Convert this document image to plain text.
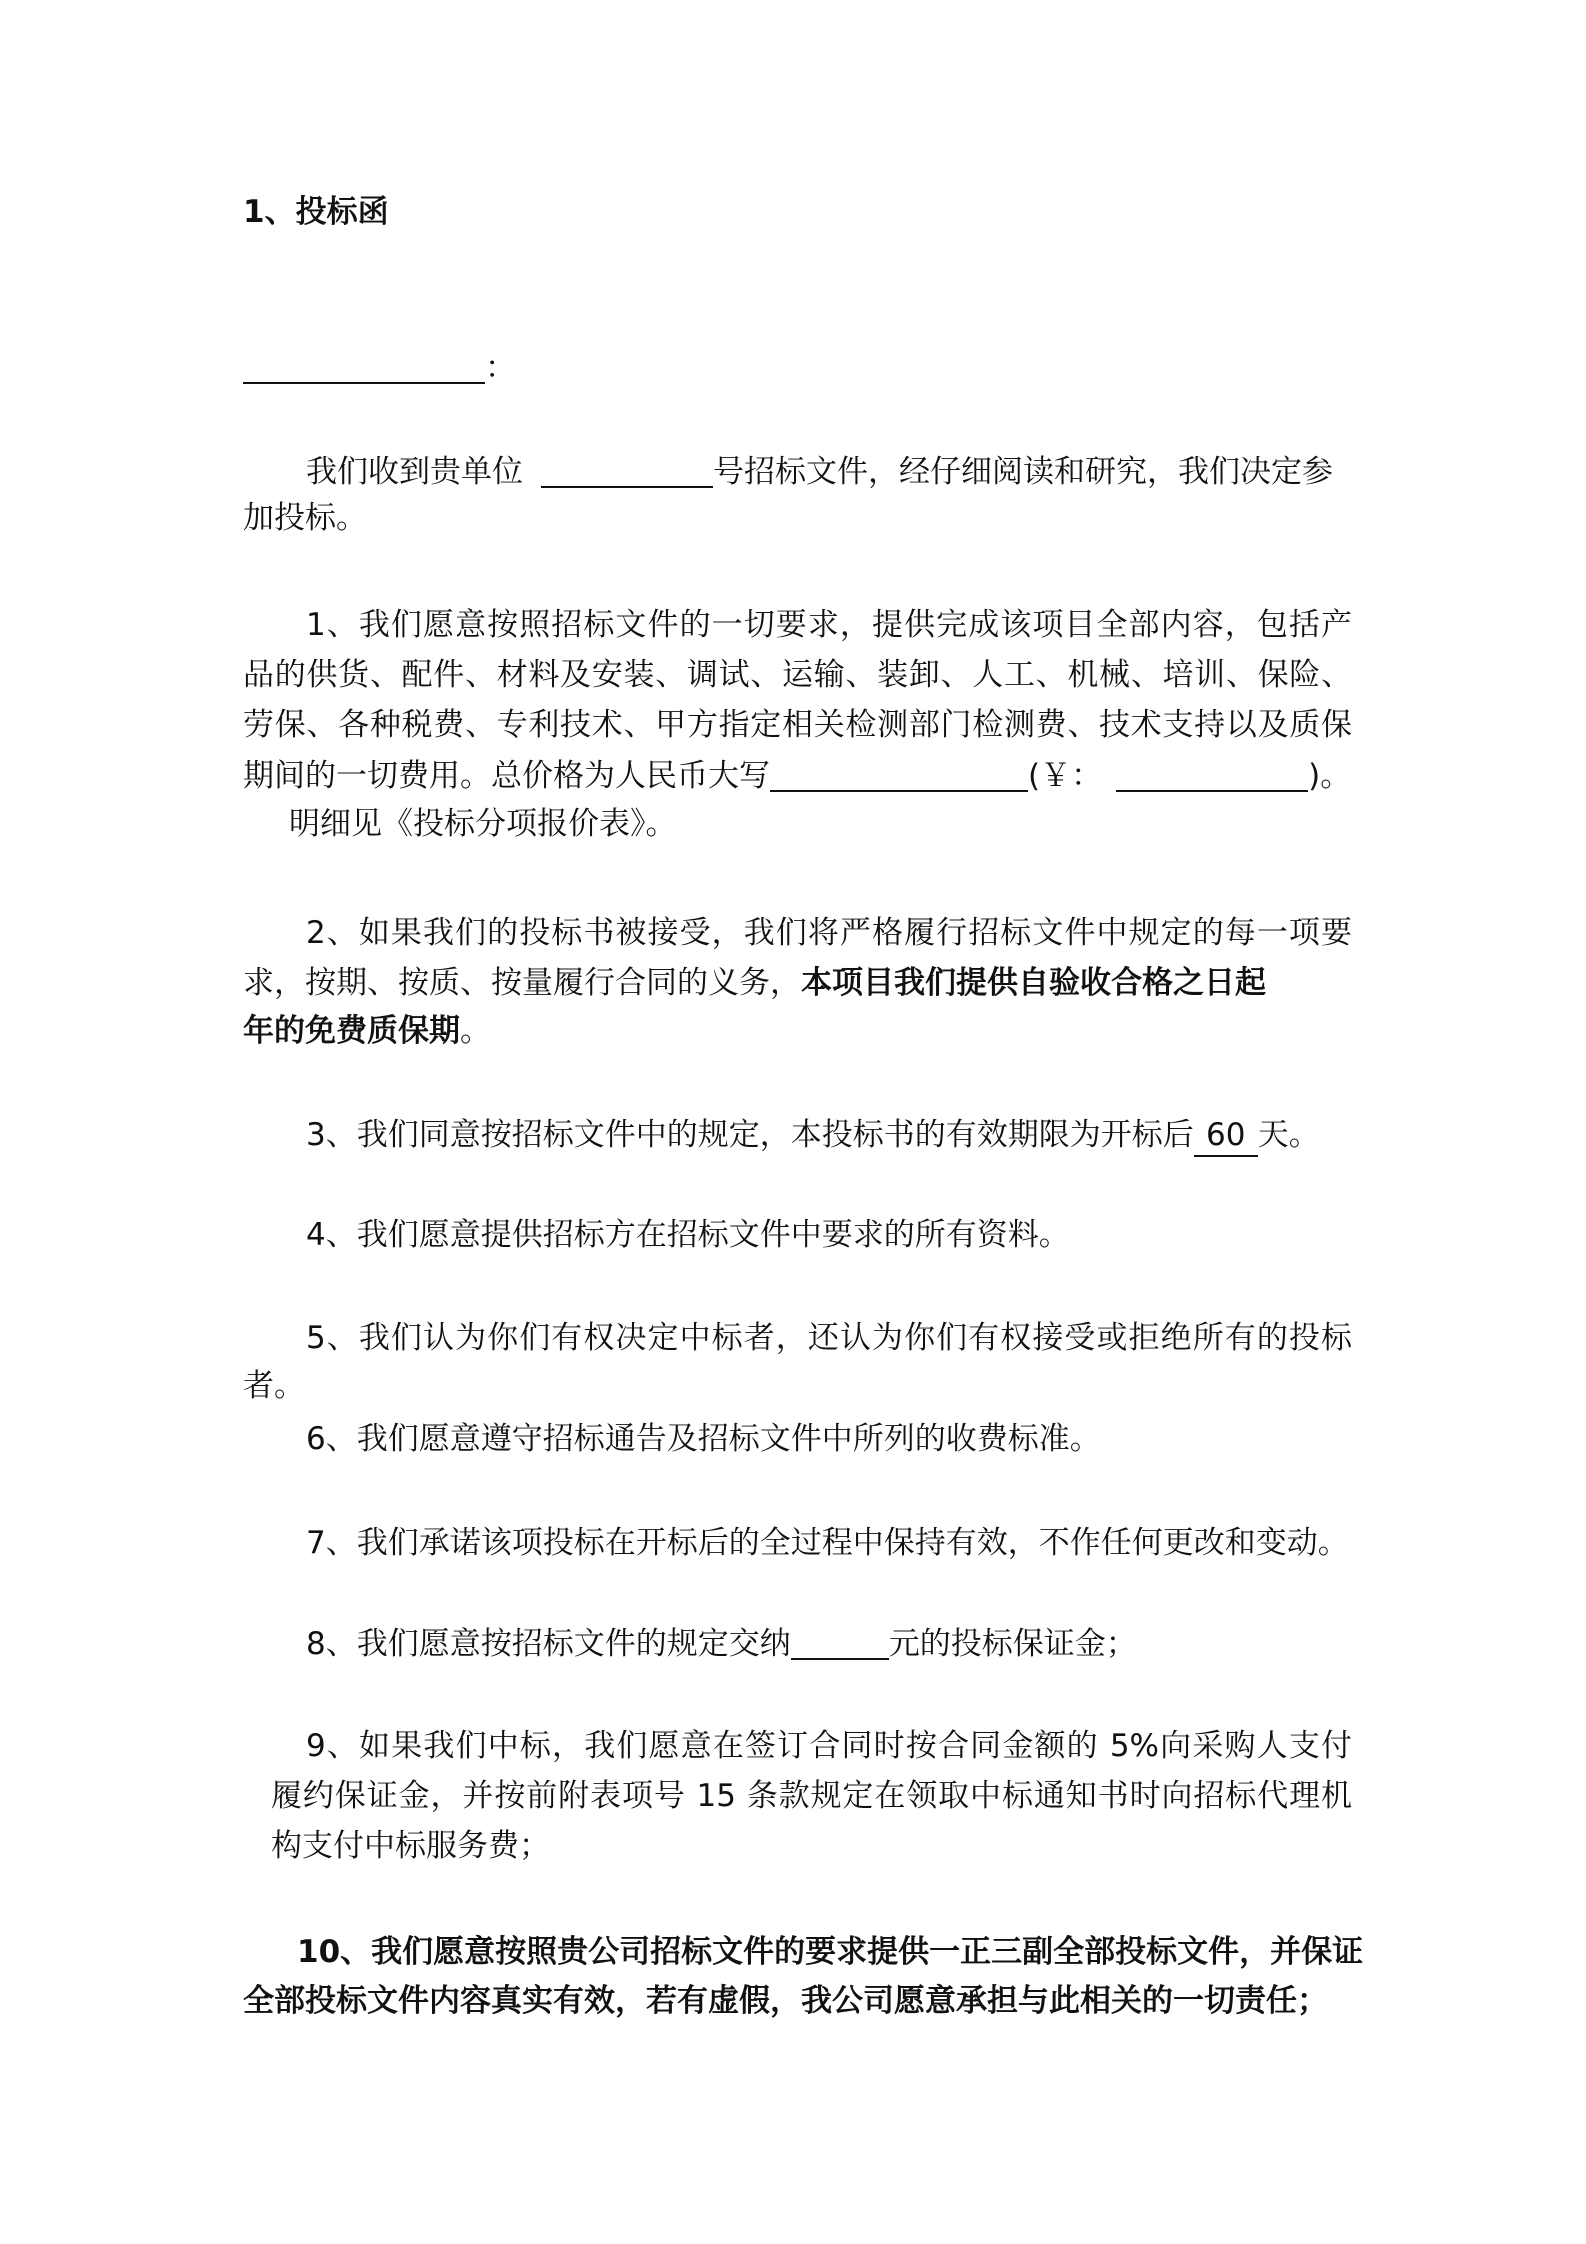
1、投标函
：
我们收到贵单位	号招标文件，经仔细阅读和研究，我们决定参
加投标。
1、我们愿意按照招标文件的一切要求，提供完成该项目全部内容，包括产
品的供货、配件、材料及安装、调试、运输、装卸、人工、机械、培训、保险、
劳保、各种税费、专利技术、甲方指定相关检测部门检测费、技术支持以及质保
期间的一切费用。总价格为人民币大写	(￥：	)。
明细见《投标分项报价表》。
2、如果我们的投标书被接受，我们将严格履行招标文件中规定的每一项要
求，按期、按质、按量履行合同的义务，本项目我们提供自验收合格之日起
年的免费质保期。
3、我们同意按招标文件中的规定，本投标书的有效期限为开标后 60 天。
4、我们愿意提供招标方在招标文件中要求的所有资料。
5、我们认为你们有权决定中标者，还认为你们有权接受或拒绝所有的投标
者。
6、我们愿意遵守招标通告及招标文件中所列的收费标准。
7、我们承诺该项投标在开标后的全过程中保持有效，不作任何更改和变动。
8、我们愿意按招标文件的规定交纳	元的投标保证金；
9、如果我们中标，我们愿意在签订合同时按合同金额的 5%向采购人支付
履约保证金，并按前附表项号 15 条款规定在领取中标通知书时向招标代理机
构支付中标服务费；
10、我们愿意按照贵公司招标文件的要求提供一正三副全部投标文件，并保证
全部投标文件内容真实有效，若有虚假，我公司愿意承担与此相关的一切责任；
